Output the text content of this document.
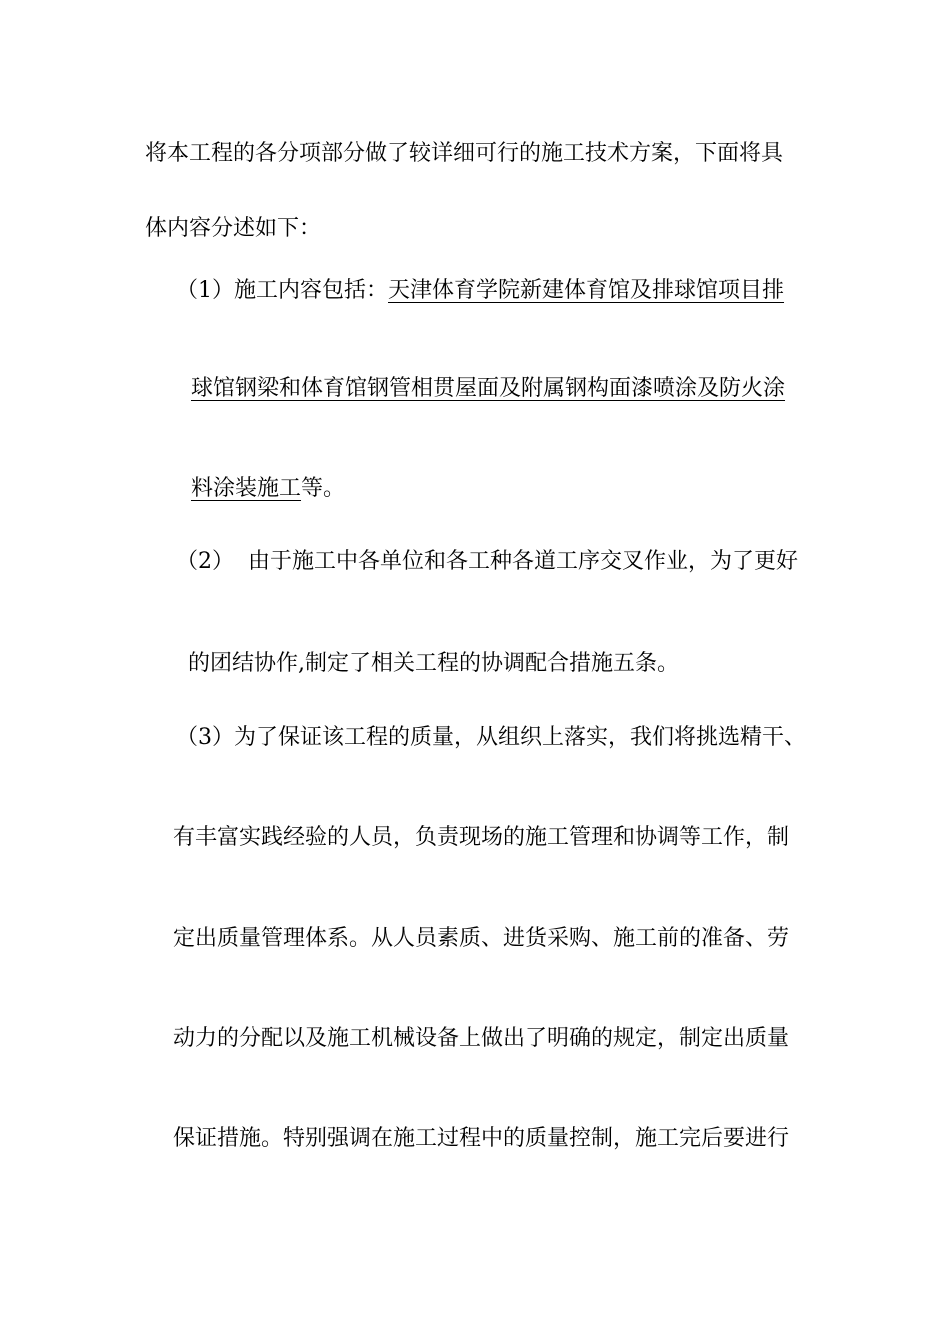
将本工程的各分项部分做了较详细可行的施工技术方案，下面将具
体内容分述如下：
（1）施工内容包括：天津体育学院新建体育馆及排球馆项目排
球馆钢梁和体育馆钢管相贯屋面及附属钢构面漆喷涂及防火涂
料涂装施工等。
（2）  由于施工中各单位和各工种各道工序交叉作业，为了更好
的团结协作,制定了相关工程的协调配合措施五条。
（3）为了保证该工程的质量，从组织上落实，我们将挑选精干、
有丰富实践经验的人员，负责现场的施工管理和协调等工作，制
定出质量管理体系。从人员素质、进货采购、施工前的准备、劳
动力的分配以及施工机械设备上做出了明确的规定，制定出质量
保证措施。特别强调在施工过程中的质量控制，施工完后要进行
